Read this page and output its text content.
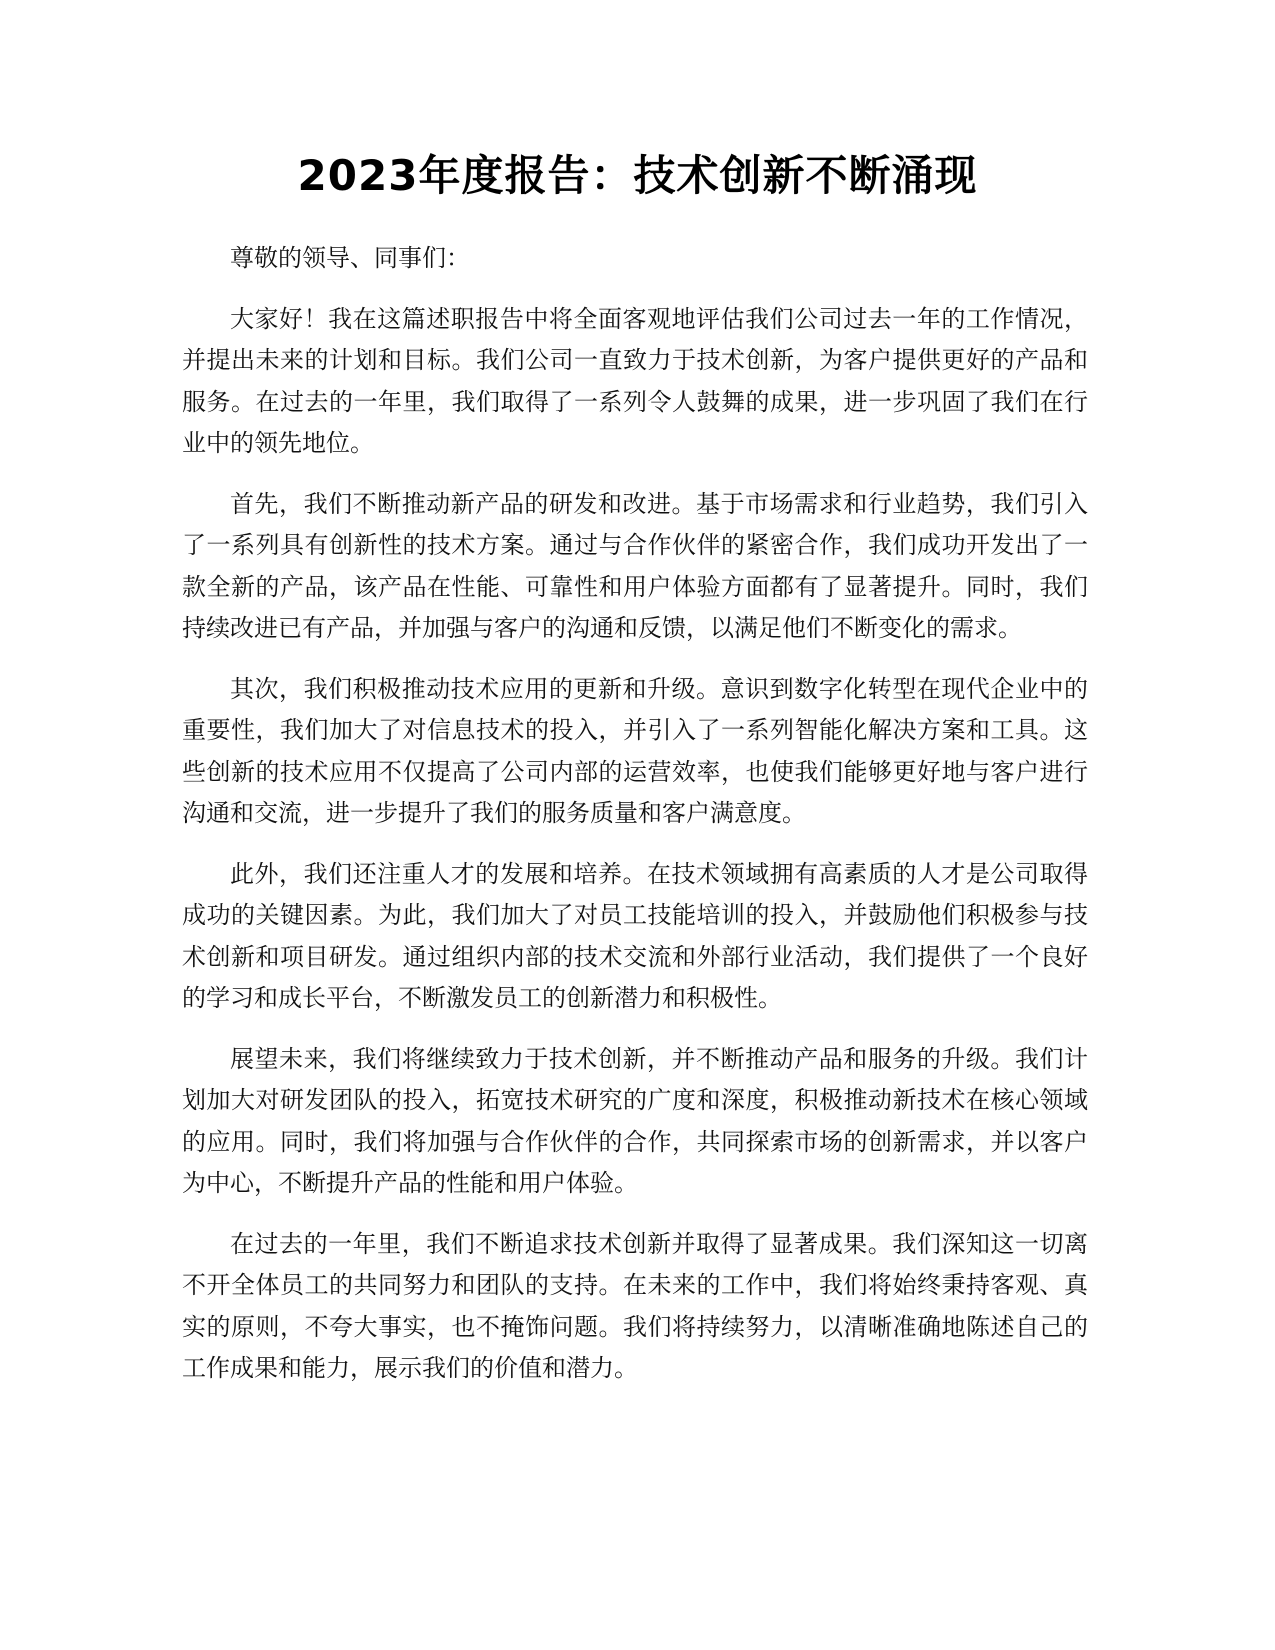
2023年度报告：技术创新不断涌现

尊敬的领导、同事们：

大家好！我在这篇述职报告中将全面客观地评估我们公司过去一年的工作情况，并提出未来的计划和目标。我们公司一直致力于技术创新，为客户提供更好的产品和服务。在过去的一年里，我们取得了一系列令人鼓舞的成果，进一步巩固了我们在行业中的领先地位。

首先，我们不断推动新产品的研发和改进。基于市场需求和行业趋势，我们引入了一系列具有创新性的技术方案。通过与合作伙伴的紧密合作，我们成功开发出了一款全新的产品，该产品在性能、可靠性和用户体验方面都有了显著提升。同时，我们持续改进已有产品，并加强与客户的沟通和反馈，以满足他们不断变化的需求。

其次，我们积极推动技术应用的更新和升级。意识到数字化转型在现代企业中的重要性，我们加大了对信息技术的投入，并引入了一系列智能化解决方案和工具。这些创新的技术应用不仅提高了公司内部的运营效率，也使我们能够更好地与客户进行沟通和交流，进一步提升了我们的服务质量和客户满意度。

此外，我们还注重人才的发展和培养。在技术领域拥有高素质的人才是公司取得成功的关键因素。为此，我们加大了对员工技能培训的投入，并鼓励他们积极参与技术创新和项目研发。通过组织内部的技术交流和外部行业活动，我们提供了一个良好的学习和成长平台，不断激发员工的创新潜力和积极性。

展望未来，我们将继续致力于技术创新，并不断推动产品和服务的升级。我们计划加大对研发团队的投入，拓宽技术研究的广度和深度，积极推动新技术在核心领域的应用。同时，我们将加强与合作伙伴的合作，共同探索市场的创新需求，并以客户为中心，不断提升产品的性能和用户体验。

在过去的一年里，我们不断追求技术创新并取得了显著成果。我们深知这一切离不开全体员工的共同努力和团队的支持。在未来的工作中，我们将始终秉持客观、真实的原则，不夸大事实，也不掩饰问题。我们将持续努力，以清晰准确地陈述自己的工作成果和能力，展示我们的价值和潜力。
